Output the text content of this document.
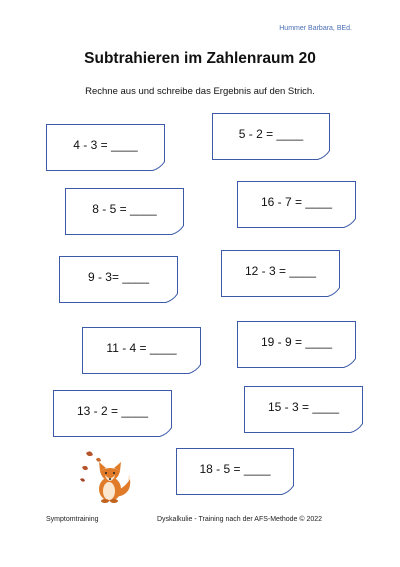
Hummer Barbara, BEd.
Subtrahieren im Zahlenraum 20
Rechne aus und schreibe das Ergebnis auf den Strich.
4 - 3 = ____
5 - 2 = ____
8 - 5 = ____	16 - 7 = ____
9 - 3= ____	12 - 3 = ____
11 - 4 = ____	19 - 9 = ____
13 - 2 = ____	15 - 3 = ____
18 - 5 = ____
Symptomtraining	Dyskalkulie - Training nach der AFS-Methode © 2022
